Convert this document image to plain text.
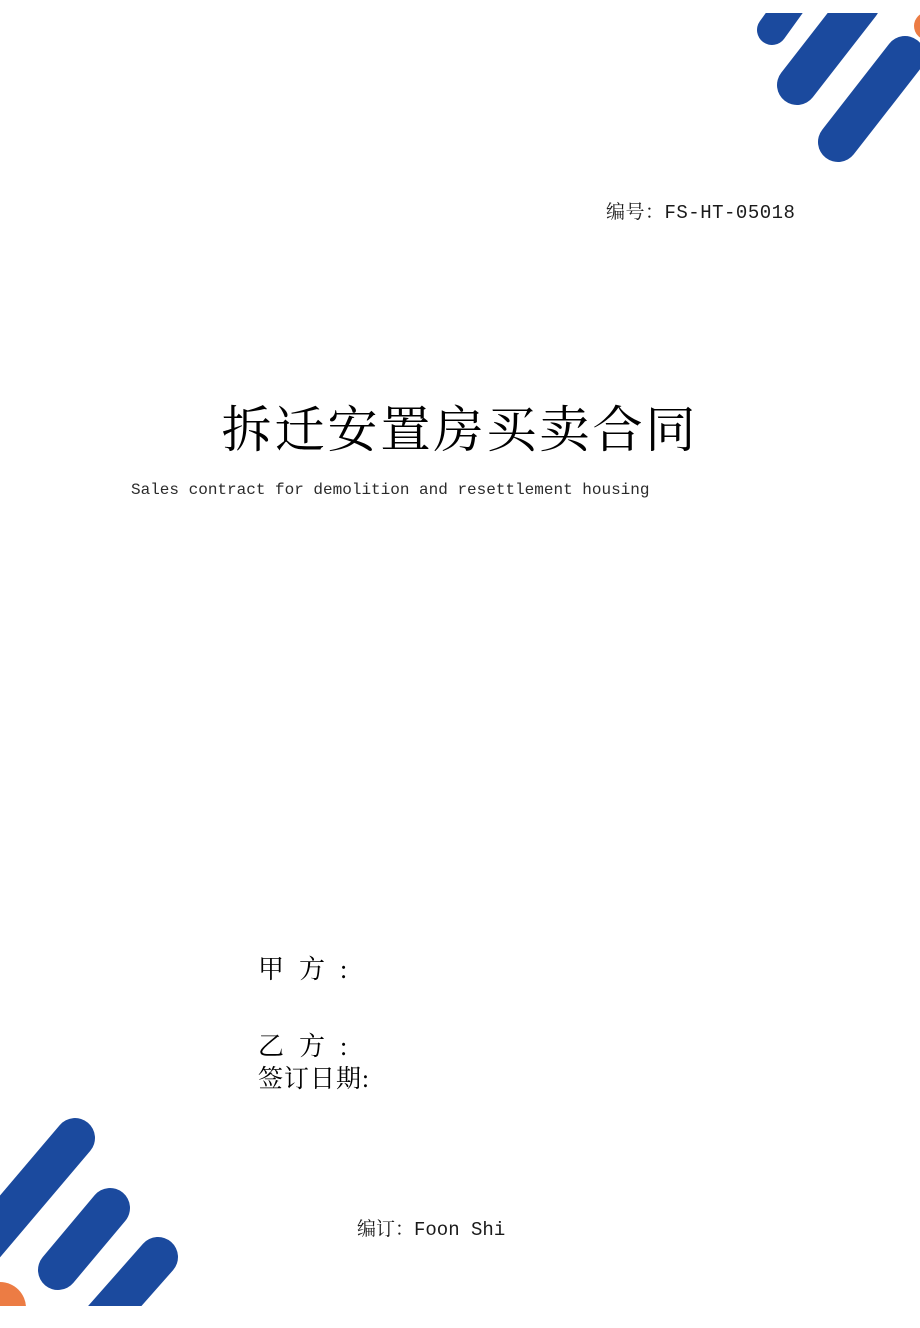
编号：FS-HT-05018
拆迁安置房买卖合同
Sales contract for demolition and resettlement housing
甲方:
乙方:
签订日期:
编订：Foon Shi
